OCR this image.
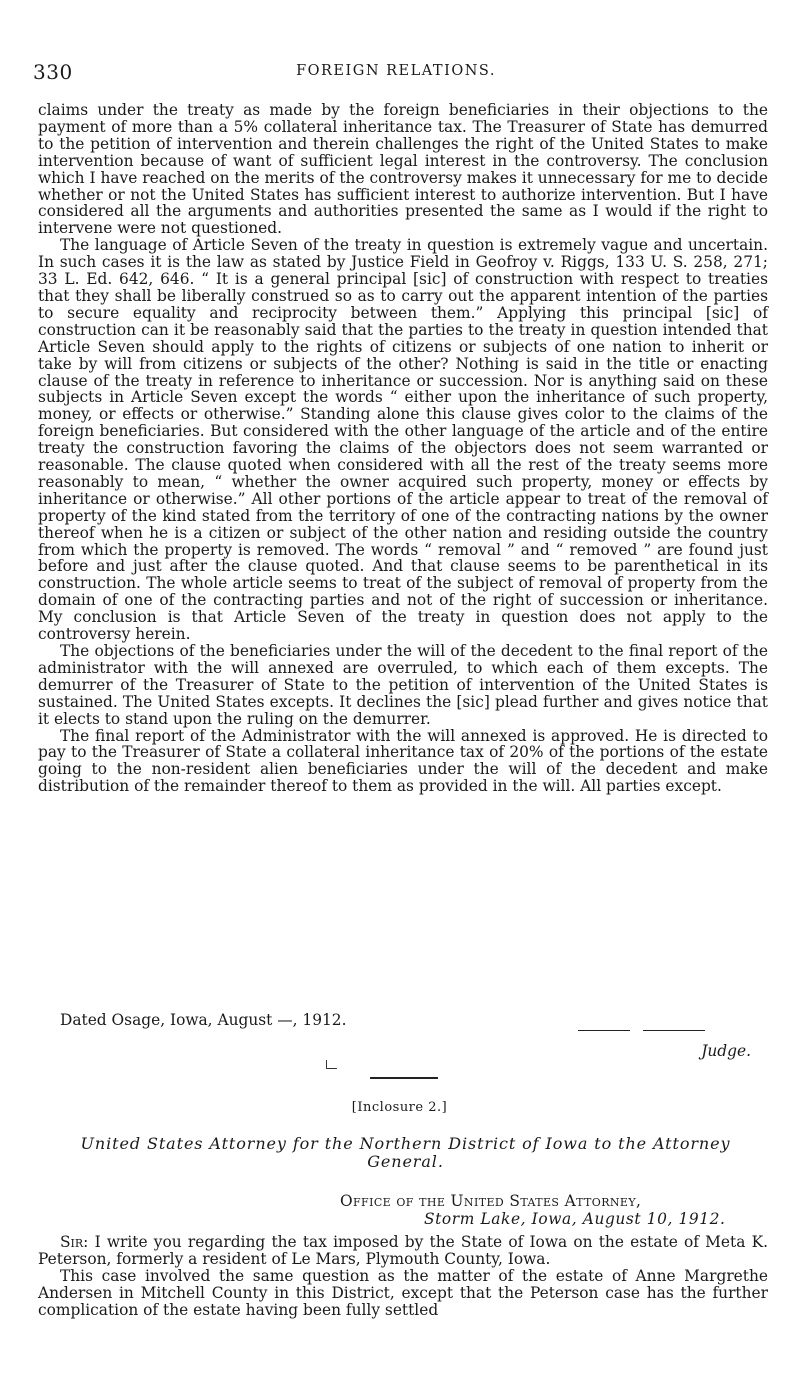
330	FOREIGN RELATIONS.

claims under the treaty as made by the foreign beneficiaries in their objections to the payment of more than a 5% collateral inheritance tax. The Treasurer of State has demurred to the petition of intervention and therein challenges the right of the United States to make intervention because of want of sufficient legal interest in the controversy. The conclusion which I have reached on the merits of the controversy makes it unnecessary for me to decide whether or not the United States has sufficient interest to authorize intervention. But I have considered all the arguments and authorities presented the same as I would if the right to intervene were not questioned.

The language of Article Seven of the treaty in question is extremely vague and uncertain. In such cases it is the law as stated by Justice Field in Geofroy v. Riggs, 133 U. S. 258, 271; 33 L. Ed. 642, 646. “ It is a general principal [sic] of construction with respect to treaties that they shall be liberally construed so as to carry out the apparent intention of the parties to secure equality and reciprocity between them.” Applying this principal [sic] of construction can it be reasonably said that the parties to the treaty in question intended that Article Seven should apply to the rights of citizens or subjects of one nation to inherit or take by will from citizens or subjects of the other? Nothing is said in the title or enacting clause of the treaty in reference to inheritance or succession. Nor is anything said on these subjects in Article Seven except the words “ either upon the inheritance of such property, money, or effects or otherwise.” Standing alone this clause gives color to the claims of the foreign beneficiaries. But considered with the other language of the article and of the entire treaty the construction favoring the claims of the objectors does not seem warranted or reasonable. The clause quoted when considered with all the rest of the treaty seems more reasonably to mean, “ whether the owner acquired such property, money or effects by inheritance or otherwise.” All other portions of the article appear to treat of the removal of property of the kind stated from the territory of one of the contracting nations by the owner thereof when he is a citizen or subject of the other nation and residing outside the country from which the property is removed. The words “ removal ” and “ removed ” are found just before and just after the clause quoted. And that clause seems to be parenthetical in its construction. The whole article seems to treat of the subject of removal of property from the domain of one of the contracting parties and not of the right of succession or inheritance. My conclusion is that Article Seven of the treaty in question does not apply to the controversy herein.

The objections of the beneficiaries under the will of the decedent to the final report of the administrator with the will annexed are overruled, to which each of them excepts. The demurrer of the Treasurer of State to the petition of intervention of the United States is sustained. The United States excepts. It declines the [sic] plead further and gives notice that it elects to stand upon the ruling on the demurrer.

The final report of the Administrator with the will annexed is approved. He is directed to pay to the Treasurer of State a collateral inheritance tax of 20% of the portions of the estate going to the non-resident alien beneficiaries under the will of the decedent and make distribution of the remainder thereof to them as provided in the will. All parties except.

Dated Osage, Iowa, August —, 1912.
Judge.
[Inclosure 2.]
United States Attorney for the Northern District of Iowa to the Attorney General.
Office of the United States Attorney,
Storm Lake, Iowa, August 10, 1912.

Sir: I write you regarding the tax imposed by the State of Iowa on the estate of Meta K. Peterson, formerly a resident of Le Mars, Plymouth County, Iowa.

This case involved the same question as the matter of the estate of Anne Margrethe Andersen in Mitchell County in this District, except that the Peterson case has the further complication of the estate having been fully settled
